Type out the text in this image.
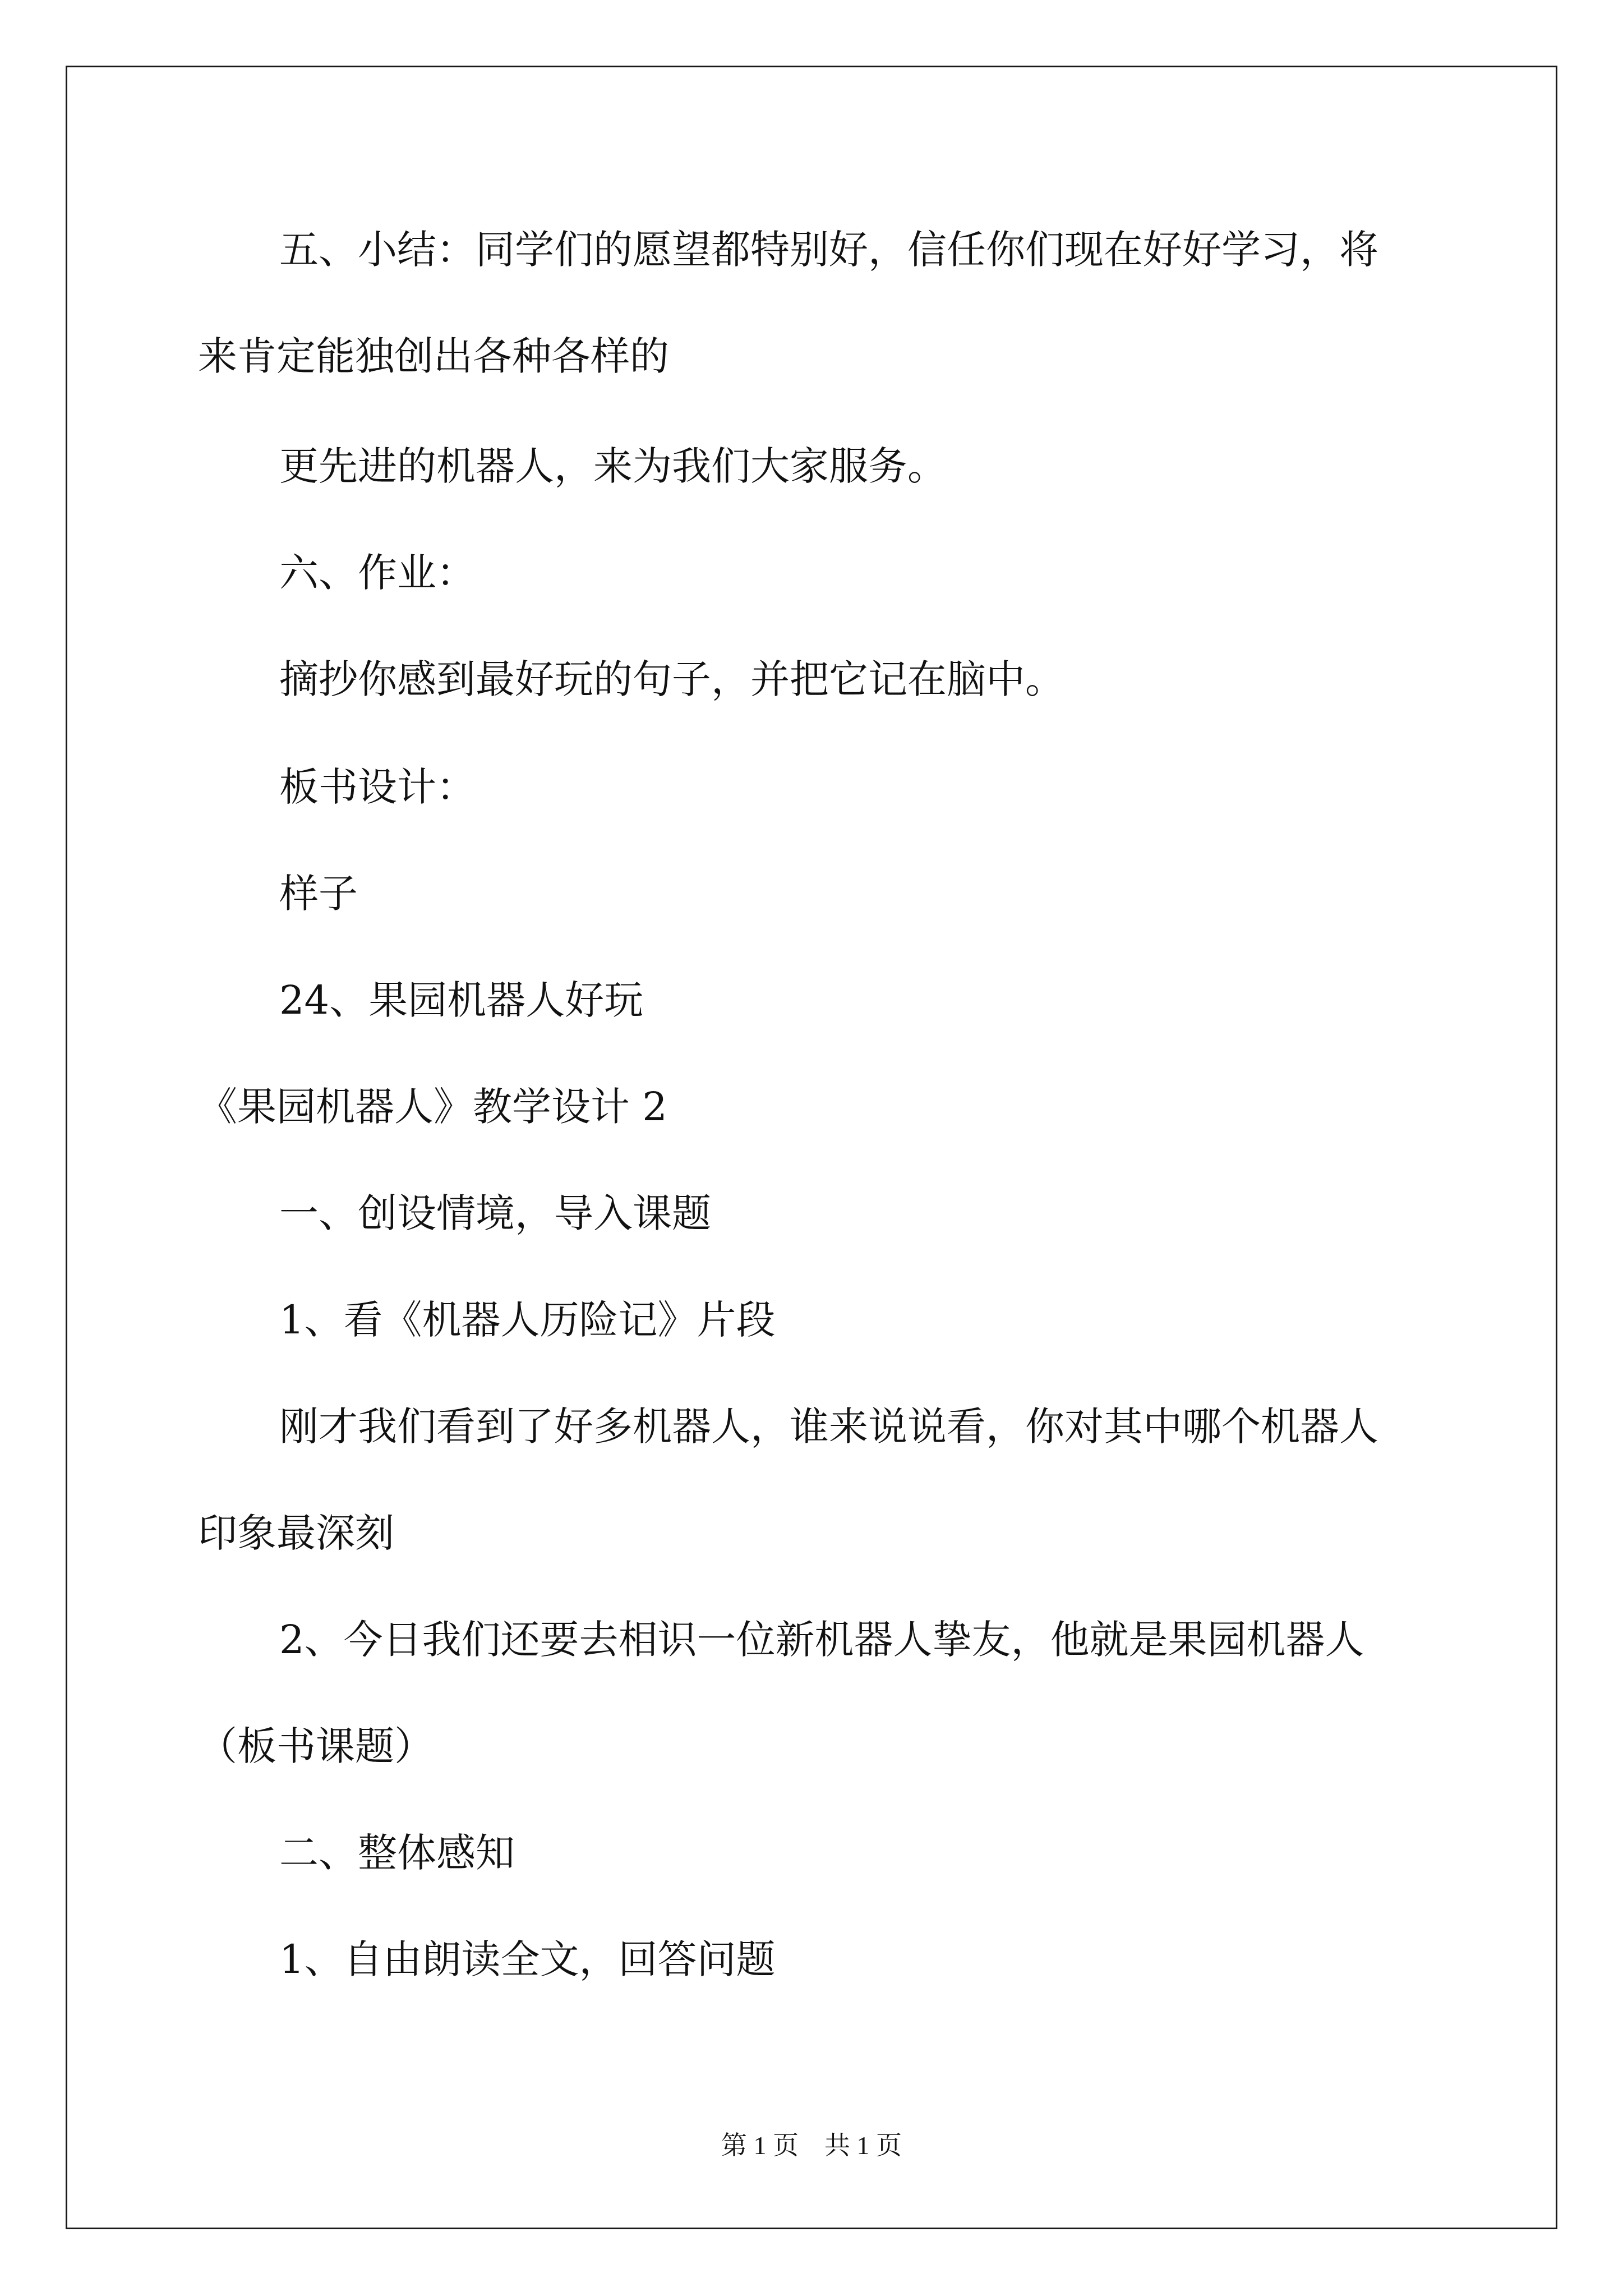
五、小结：同学们的愿望都特别好，信任你们现在好好学习，将
来肯定能独创出各种各样的
更先进的机器人，来为我们大家服务。
六、作业：
摘抄你感到最好玩的句子，并把它记在脑中。
板书设计：
样子
24、果园机器人好玩
《果园机器人》教学设计 2
一、创设情境，导入课题
1、看《机器人历险记》片段
刚才我们看到了好多机器人，谁来说说看，你对其中哪个机器人
印象最深刻
2、今日我们还要去相识一位新机器人挚友，他就是果园机器人
（板书课题）
二、整体感知
1、自由朗读全文，回答问题
第 1 页　共 1 页
